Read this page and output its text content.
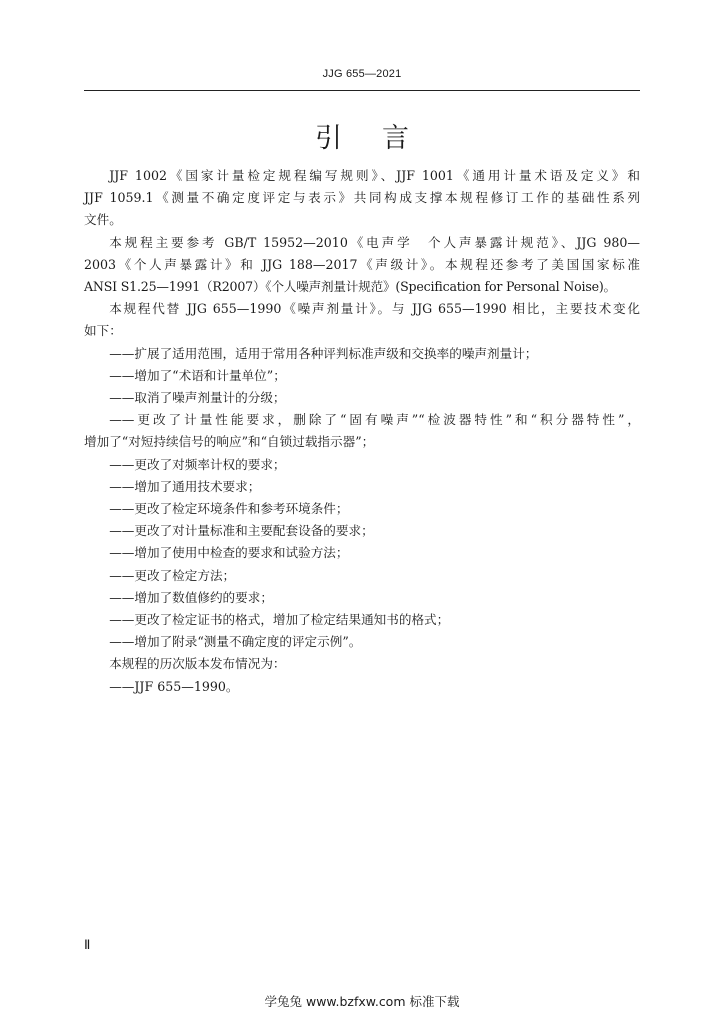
JJG 655—2021
引言

JJF 1002《国家计量检定规程编写规则》、JJF 1001《通用计量术语及定义》和

JJF 1059.1《测量不确定度评定与表示》共同构成支撑本规程修订工作的基础性系列

文件。

本规程主要参考 GB/T 15952—2010《电声学　个人声暴露计规范》、JJG 980—

2003《个人声暴露计》和 JJG 188—2017《声级计》。本规程还参考了美国国家标准

ANSI S1.25—1991（R2007）《个人噪声剂量计规范》(Specification for Personal Noise)。

本规程代替 JJG 655—1990《噪声剂量计》。与 JJG 655—1990 相比，主要技术变化

如下：

——扩展了适用范围，适用于常用各种评判标准声级和交换率的噪声剂量计；

——增加了“术语和计量单位”；

——取消了噪声剂量计的分级；

——更改了计量性能要求，删除了“固有噪声”“检波器特性”和“积分器特性”，

增加了“对短持续信号的响应”和“自锁过载指示器”；

——更改了对频率计权的要求；

——增加了通用技术要求；

——更改了检定环境条件和参考环境条件；

——更改了对计量标准和主要配套设备的要求；

——增加了使用中检查的要求和试验方法；

——更改了检定方法；

——增加了数值修约的要求；

——更改了检定证书的格式，增加了检定结果通知书的格式；

——增加了附录“测量不确定度的评定示例”。

本规程的历次版本发布情况为：

——JJF 655—1990。

Ⅱ
学兔兔 www.bzfxw.com 标准下载
